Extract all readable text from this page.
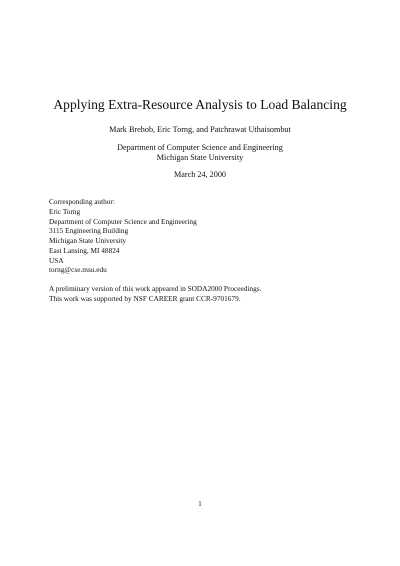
Applying Extra-Resource Analysis to Load Balancing
Mark Brehob, Eric Torng, and Patchrawat Uthaisombut
Department of Computer Science and Engineering
Michigan State University
March 24, 2000
Corresponding author:
Eric Torng
Department of Computer Science and Engineering
3115 Engineering Building
Michigan State University
East Lansing, MI 48824
USA
torng@cse.msu.edu
A preliminary version of this work appeared in SODA2000 Proceedings.
This work was supported by NSF CAREER grant CCR-9701679.
1
